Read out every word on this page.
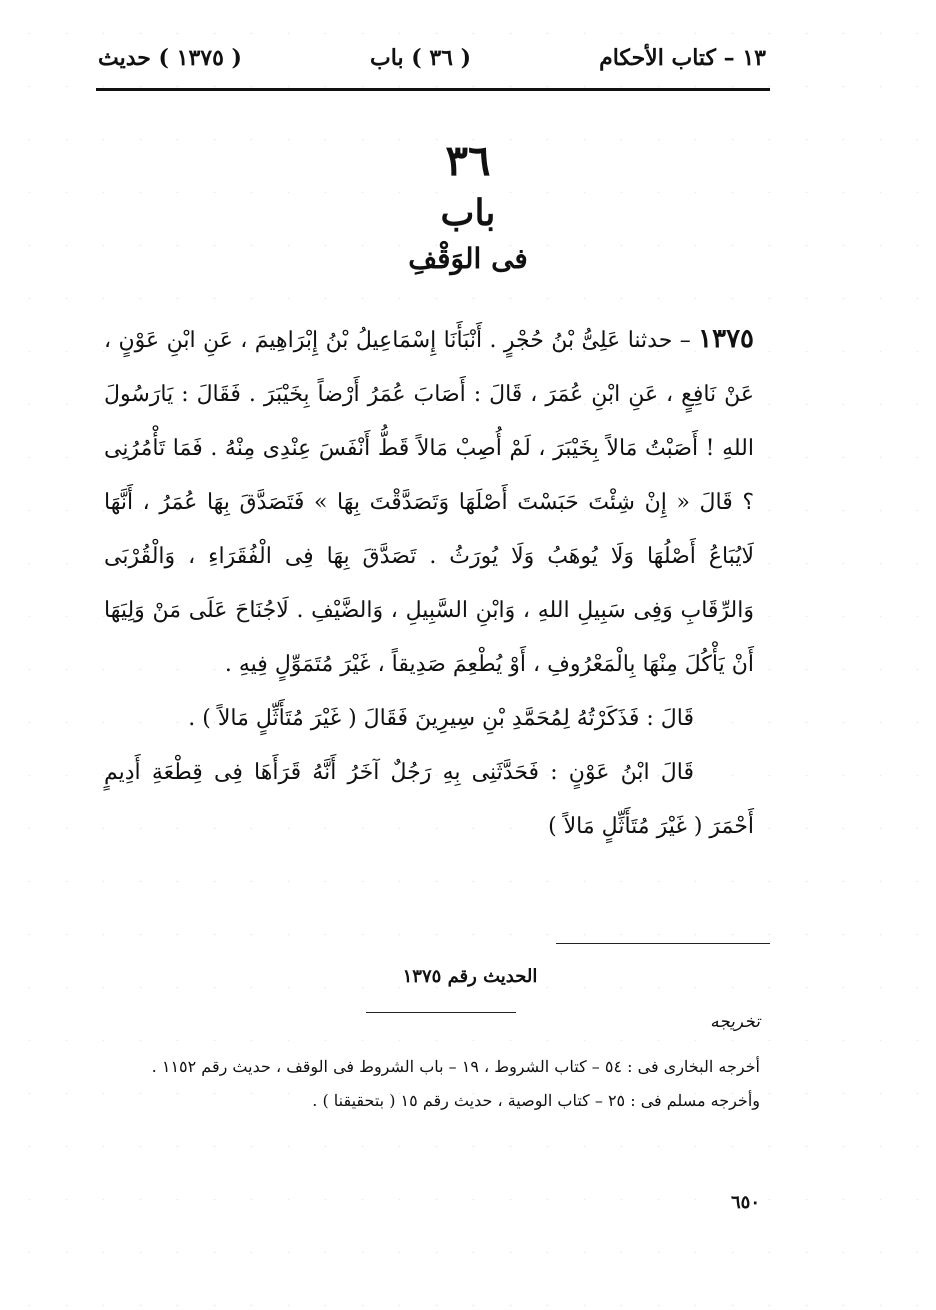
١٣ – كتاب الأحكام
( ٣٦ ) باب
( ١٣٧٥ ) حديث
٣٦
باب
فى الوَقْفِ

١٣٧٥ – حدثنا عَلِىُّ بْنُ حُجْرٍ . أَنْبَأَنَا إِسْمَاعِيلُ بْنُ إِبْرَاهِيمَ ، عَنِ ابْنِ عَوْنٍ ، عَنْ نَافِعٍ ، عَنِ ابْنِ عُمَرَ ، قَالَ : أَصَابَ عُمَرُ أَرْضاً بِخَيْبَرَ . فَقَالَ : يَارَسُولَ اللهِ ! أَصَبْتُ مَالاً بِخَيْبَرَ ، لَمْ أُصِبْ مَالاً قَطُّ أَنْفَسَ عِنْدِى مِنْهُ . فَمَا تَأْمُرُنِى ؟ قَالَ « إِنْ شِئْتَ حَبَسْتَ أَصْلَهَا وَتَصَدَّقْتَ بِهَا » فَتَصَدَّقَ بِهَا عُمَرُ ، أَنَّهَا لَايُبَاعُ أَصْلُهَا وَلَا يُوهَبُ وَلَا يُورَثُ . تَصَدَّقَ بِهَا فِى الْفُقَرَاءِ ، وَالْقُرْبَى وَالرِّقَابِ وَفِى سَبِيلِ اللهِ ، وَابْنِ السَّبِيلِ ، وَالضَّيْفِ . لَاجُنَاحَ عَلَى مَنْ وَلِيَهَا أَنْ يَأْكُلَ مِنْهَا بِالْمَعْرُوفِ ، أَوْ يُطْعِمَ صَدِيقاً ، غَيْرَ مُتَمَوِّلٍ فِيهِ .

قَالَ : فَذَكَرْتُهُ لِمُحَمَّدِ بْنِ سِيرِينَ فَقَالَ ( غَيْرَ مُتَأَثِّلٍ مَالاً ) .

قَالَ ابْنُ عَوْنٍ : فَحَدَّثَنِى بِهِ رَجُلٌ آخَرُ أَنَّهُ قَرَأَهَا فِى قِطْعَةِ أَدِيمٍ أَحْمَرَ ( غَيْرَ مُتَأَثِّلٍ مَالاً )

الحديث رقم ١٣٧٥
تخريجه

أخرجه البخارى فى : ٥٤ – كتاب الشروط ، ١٩ – باب الشروط فى الوقف ، حديث رقم ١١٥٢ .

وأخرجه مسلم فى : ٢٥ – كتاب الوصية ، حديث رقم ١٥ ( بتحقيقنا ) .

٦٥٠
